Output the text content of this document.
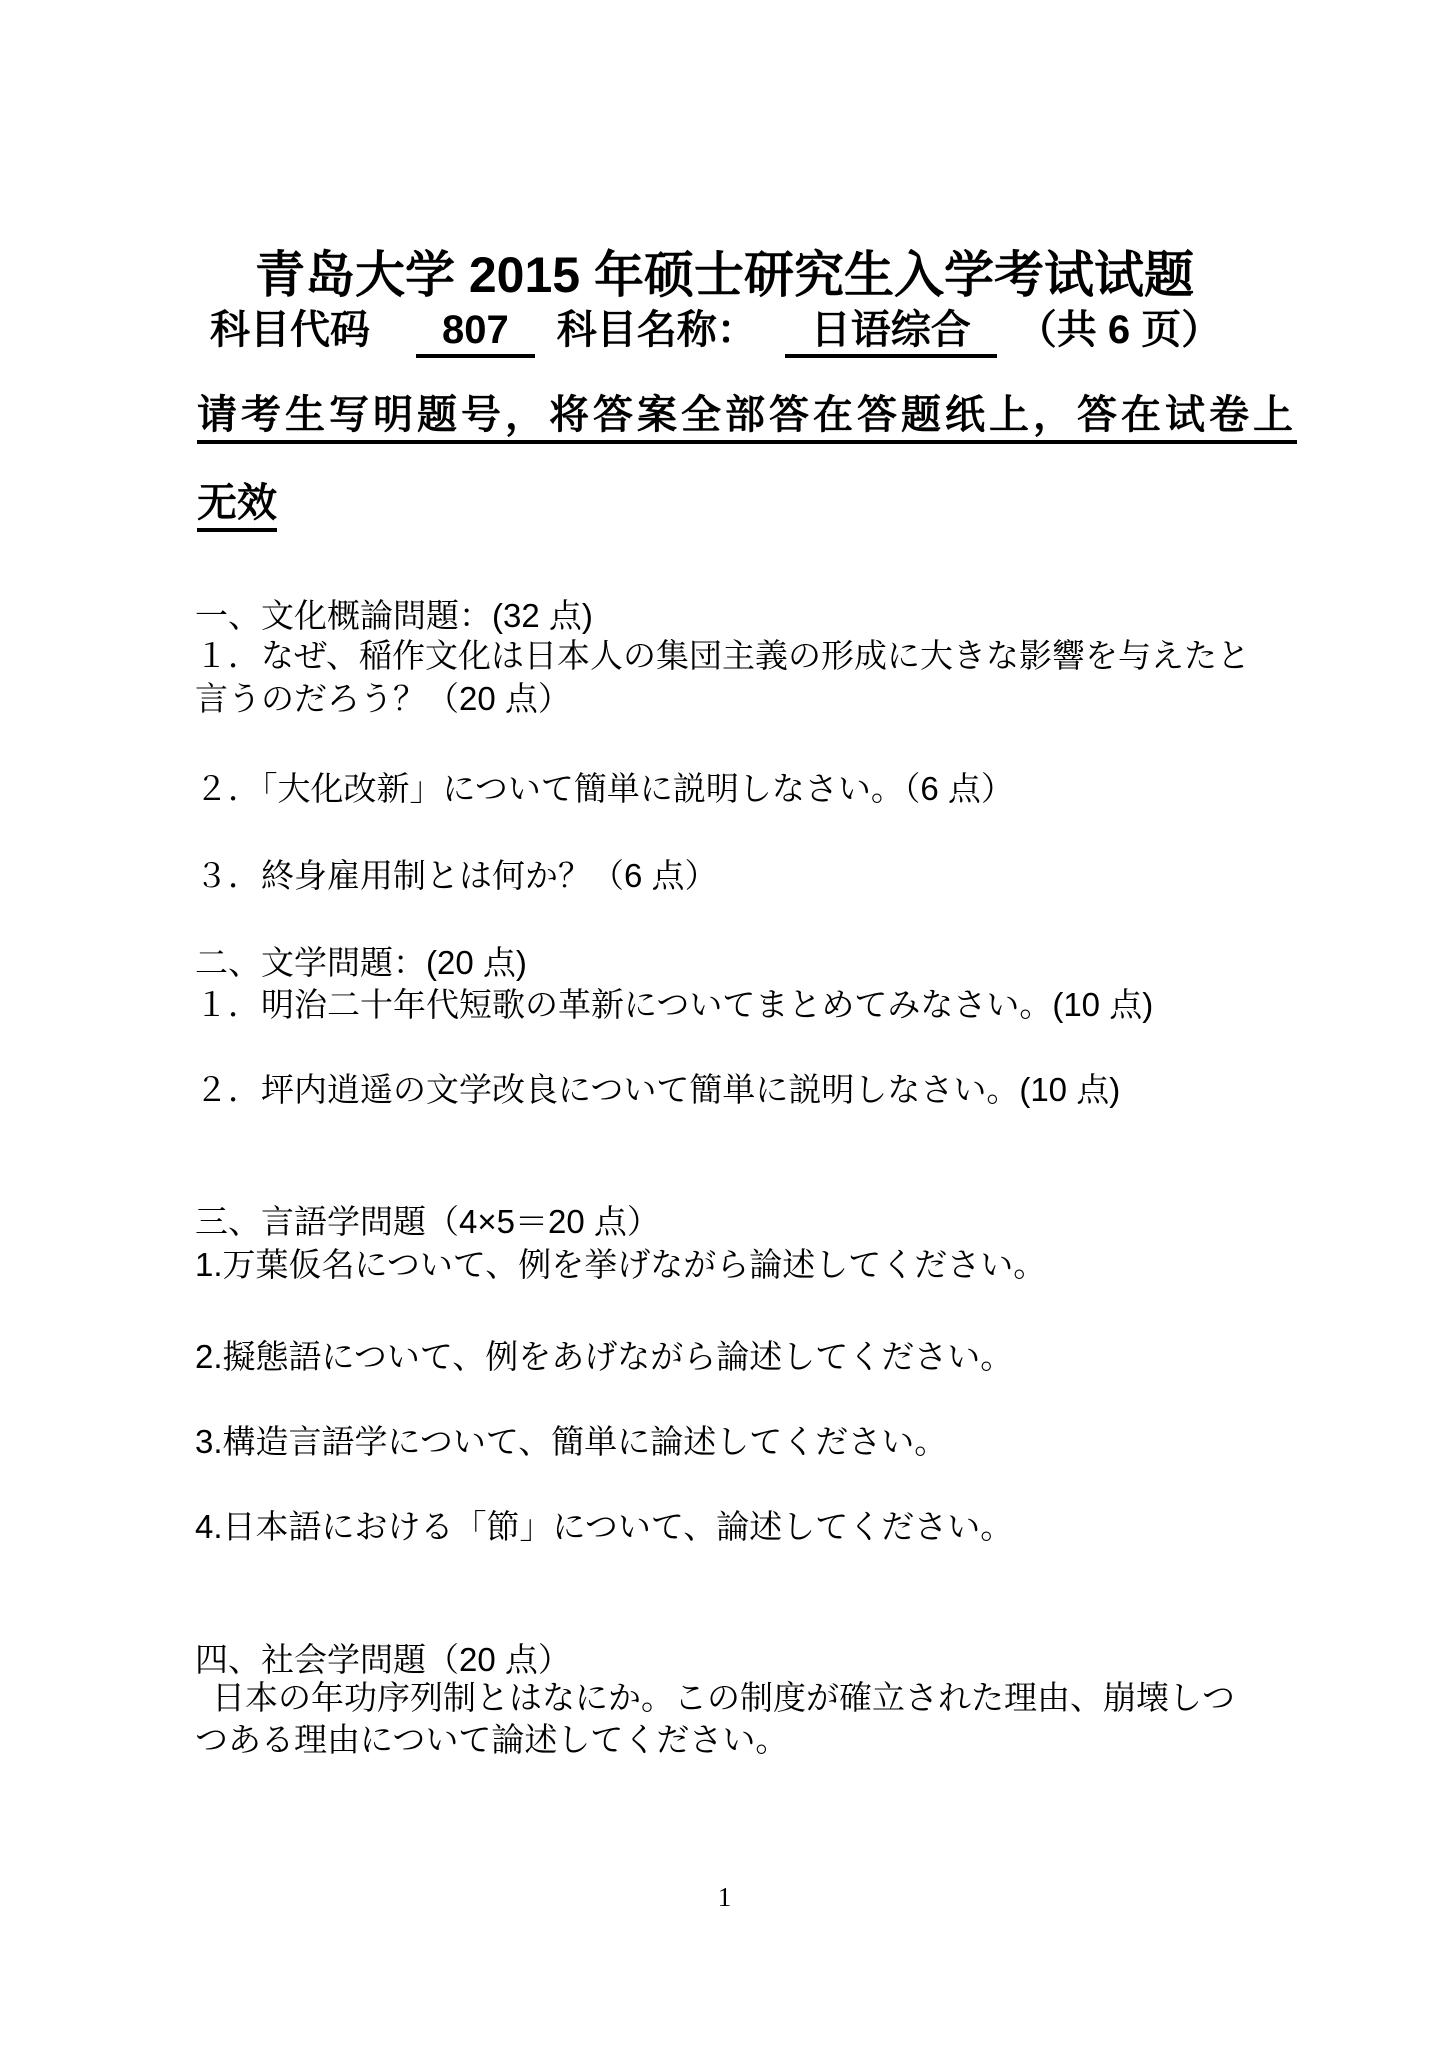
青岛大学 2015 年硕士研究生入学考试试题
科目代码 807 科目名称： 日语综合 （共 6 页）
请考生写明题号，将答案全部答在答题纸上，答在试卷上
无效
一、文化概論問題：(32 点)
１．なぜ、稲作文化は日本人の集団主義の形成に大きな影響を与えたと
言うのだろう？（20 点）
２．「大化改新」について簡単に説明しなさい。（6 点）
３．終身雇用制とは何か？（6 点）
二、文学問題：(20 点)
１．明治二十年代短歌の革新についてまとめてみなさい。(10 点)
２．坪内逍遥の文学改良について簡単に説明しなさい。(10 点)
三、言語学問題（4×5＝20 点）
1.万葉仮名について、例を挙げながら論述してください。
2.擬態語について、例をあげながら論述してください。
3.構造言語学について、簡単に論述してください。
4.日本語における「節」について、論述してください。
四、社会学問題（20 点）
日本の年功序列制とはなにか。この制度が確立された理由、崩壊しつ
つある理由について論述してください。
1
